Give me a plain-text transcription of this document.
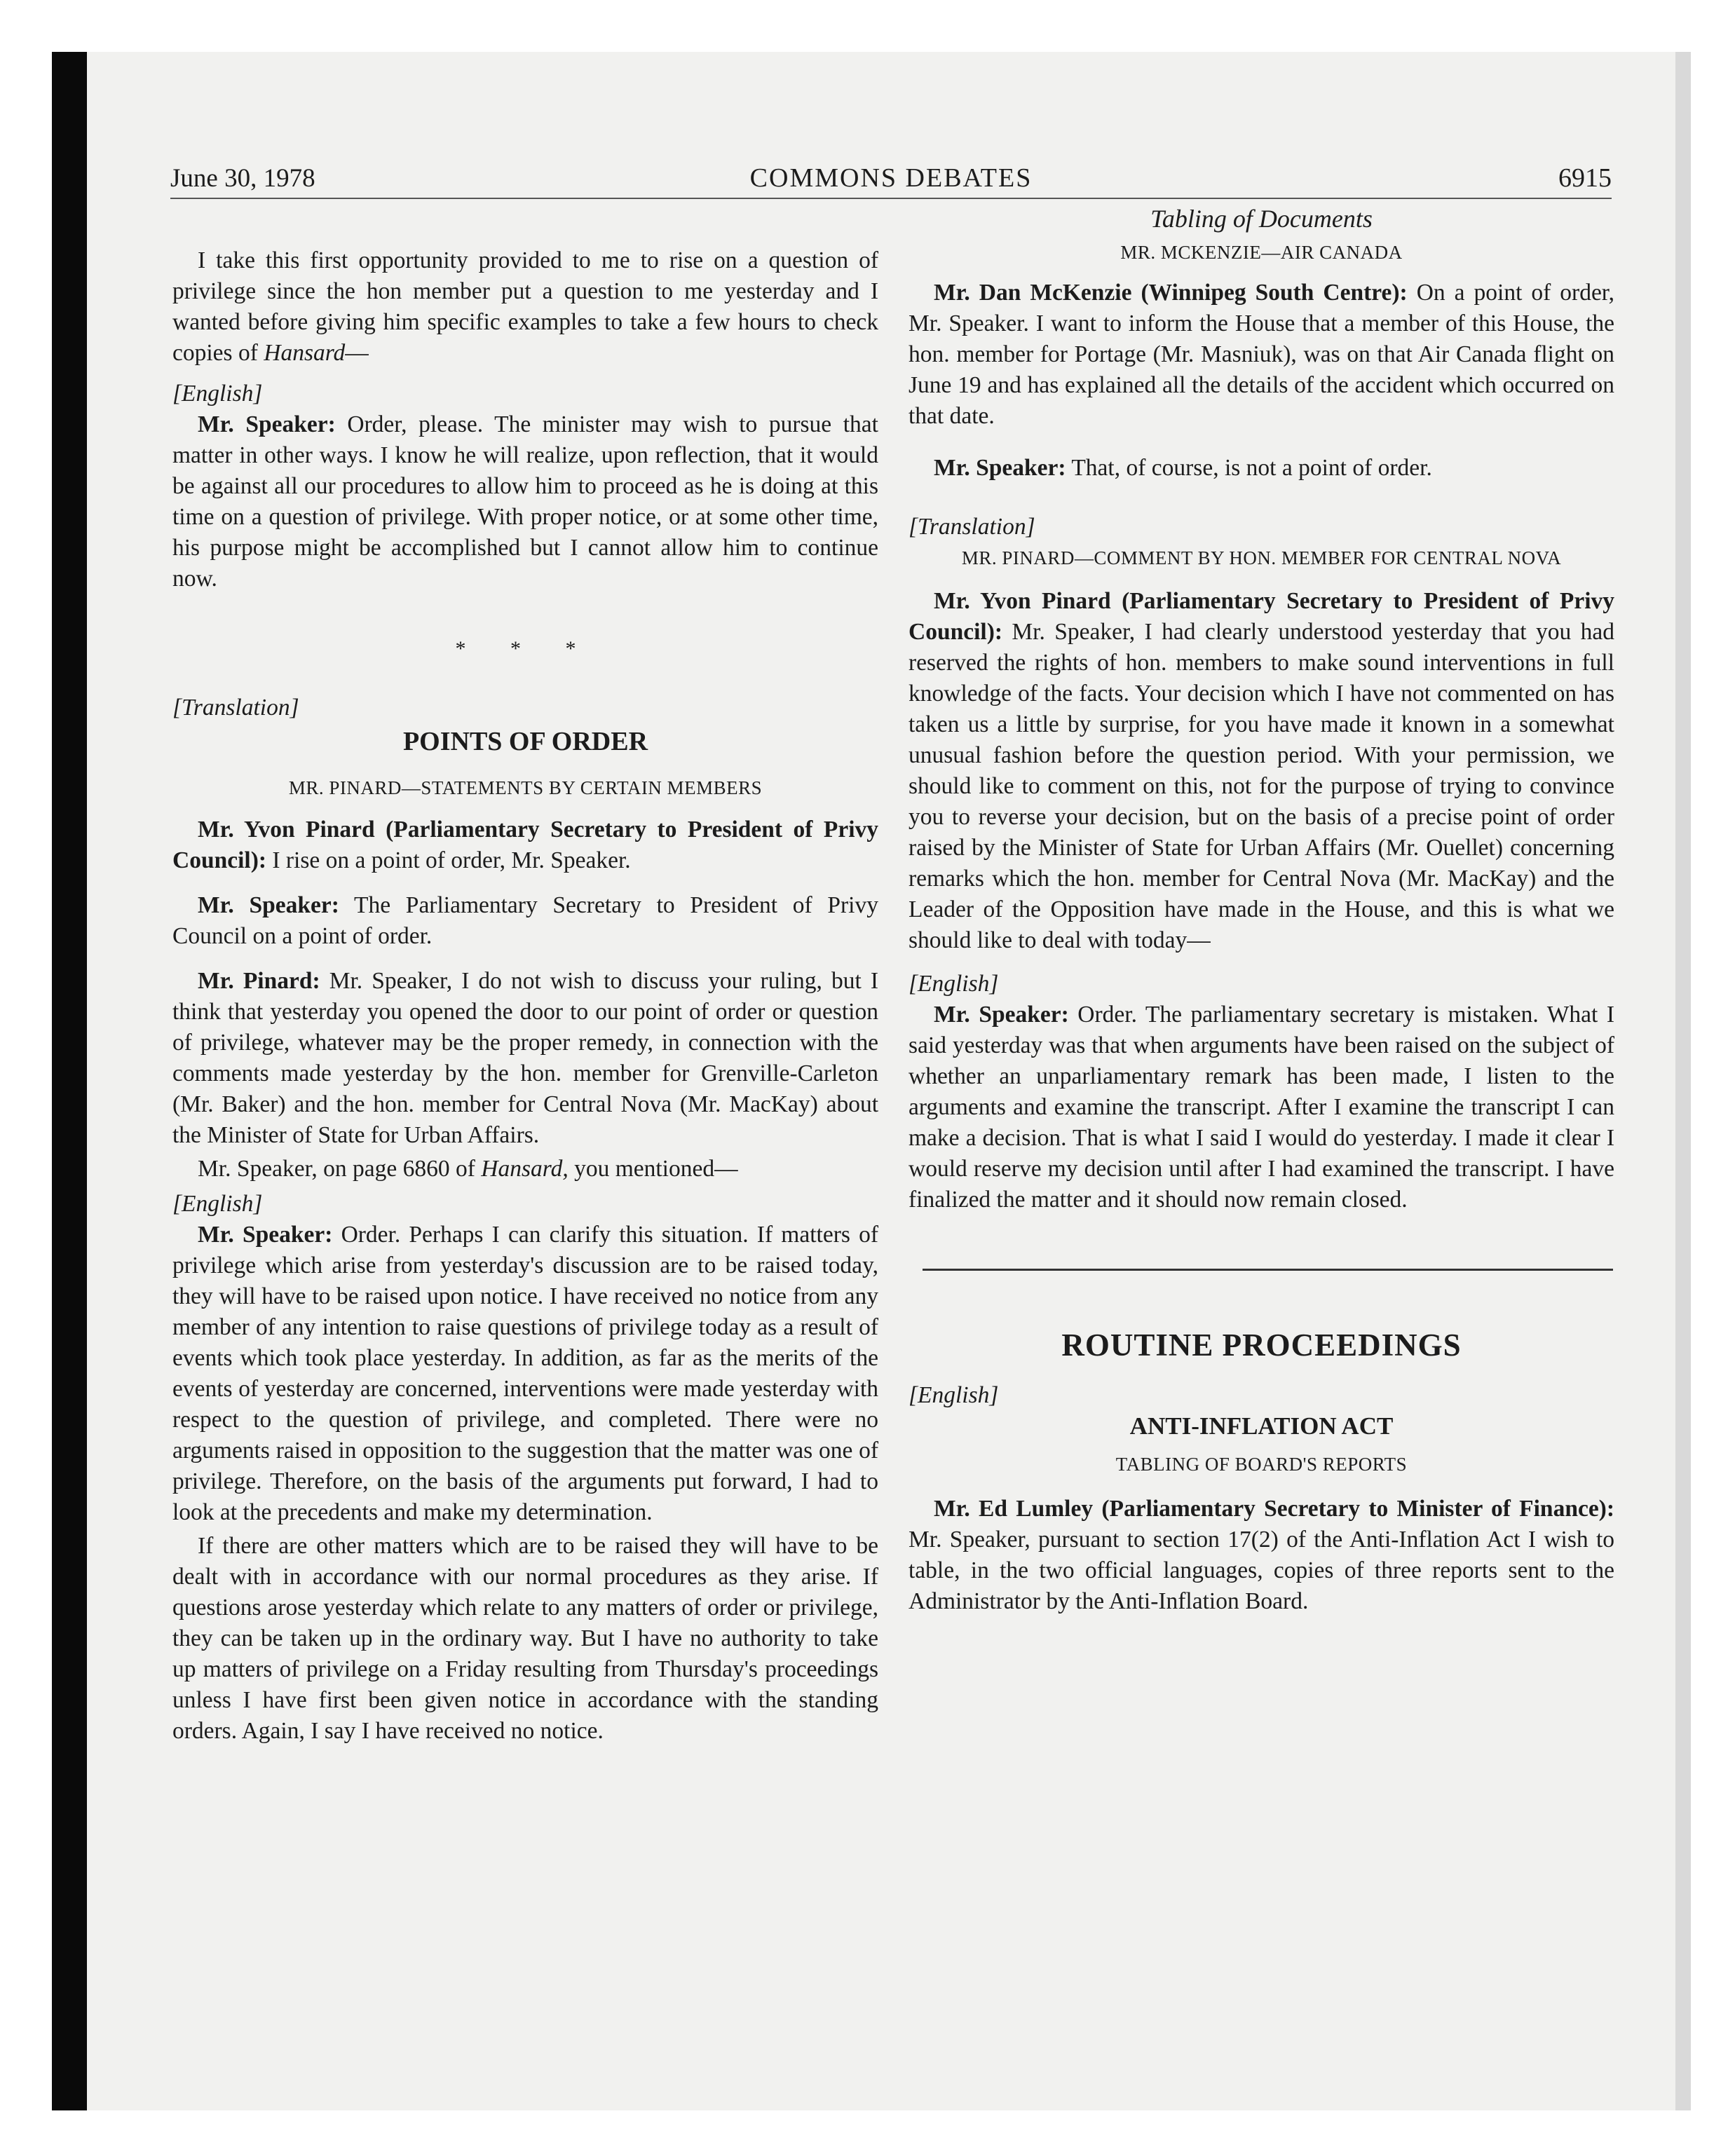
June 30, 1978	COMMONS DEBATES	6915

I take this first opportunity provided to me to rise on a question of privilege since the hon member put a question to me yesterday and I wanted before giving him specific examples to take a few hours to check copies of Hansard—

[English]

Mr. Speaker: Order, please. The minister may wish to pursue that matter in other ways. I know he will realize, upon reflection, that it would be against all our procedures to allow him to proceed as he is doing at this time on a question of privilege. With proper notice, or at some other time, his purpose might be accomplished but I cannot allow him to continue now.

* * *
[Translation]
POINTS OF ORDER
MR. PINARD—STATEMENTS BY CERTAIN MEMBERS

Mr. Yvon Pinard (Parliamentary Secretary to President of Privy Council): I rise on a point of order, Mr. Speaker.

Mr. Speaker: The Parliamentary Secretary to President of Privy Council on a point of order.

Mr. Pinard: Mr. Speaker, I do not wish to discuss your ruling, but I think that yesterday you opened the door to our point of order or question of privilege, whatever may be the proper remedy, in connection with the comments made yesterday by the hon. member for Grenville-Carleton (Mr. Baker) and the hon. member for Central Nova (Mr. MacKay) about the Minister of State for Urban Affairs.

Mr. Speaker, on page 6860 of Hansard, you mentioned—

[English]

Mr. Speaker: Order. Perhaps I can clarify this situation. If matters of privilege which arise from yesterday's discussion are to be raised today, they will have to be raised upon notice. I have received no notice from any member of any intention to raise questions of privilege today as a result of events which took place yesterday. In addition, as far as the merits of the events of yesterday are concerned, interventions were made yesterday with respect to the question of privilege, and completed. There were no arguments raised in opposition to the suggestion that the matter was one of privilege. Therefore, on the basis of the arguments put forward, I had to look at the precedents and make my determination.

If there are other matters which are to be raised they will have to be dealt with in accordance with our normal procedures as they arise. If questions arose yesterday which relate to any matters of order or privilege, they can be taken up in the ordinary way. But I have no authority to take up matters of privilege on a Friday resulting from Thursday's proceedings unless I have first been given notice in accordance with the standing orders. Again, I say I have received no notice.

Tabling of Documents
MR. MCKENZIE—AIR CANADA

Mr. Dan McKenzie (Winnipeg South Centre): On a point of order, Mr. Speaker. I want to inform the House that a member of this House, the hon. member for Portage (Mr. Masniuk), was on that Air Canada flight on June 19 and has explained all the details of the accident which occurred on that date.

Mr. Speaker: That, of course, is not a point of order.

[Translation]
MR. PINARD—COMMENT BY HON. MEMBER FOR CENTRAL NOVA

Mr. Yvon Pinard (Parliamentary Secretary to President of Privy Council): Mr. Speaker, I had clearly understood yesterday that you had reserved the rights of hon. members to make sound interventions in full knowledge of the facts. Your decision which I have not commented on has taken us a little by surprise, for you have made it known in a somewhat unusual fashion before the question period. With your permission, we should like to comment on this, not for the purpose of trying to convince you to reverse your decision, but on the basis of a precise point of order raised by the Minister of State for Urban Affairs (Mr. Ouellet) concerning remarks which the hon. member for Central Nova (Mr. MacKay) and the Leader of the Opposition have made in the House, and this is what we should like to deal with today—

[English]

Mr. Speaker: Order. The parliamentary secretary is mistaken. What I said yesterday was that when arguments have been raised on the subject of whether an unparliamentary remark has been made, I listen to the arguments and examine the transcript. After I examine the transcript I can make a decision. That is what I said I would do yesterday. I made it clear I would reserve my decision until after I had examined the transcript. I have finalized the matter and it should now remain closed.

ROUTINE PROCEEDINGS
[English]
ANTI-INFLATION ACT
TABLING OF BOARD'S REPORTS

Mr. Ed Lumley (Parliamentary Secretary to Minister of Finance): Mr. Speaker, pursuant to section 17(2) of the Anti-Inflation Act I wish to table, in the two official languages, copies of three reports sent to the Administrator by the Anti-Inflation Board.
